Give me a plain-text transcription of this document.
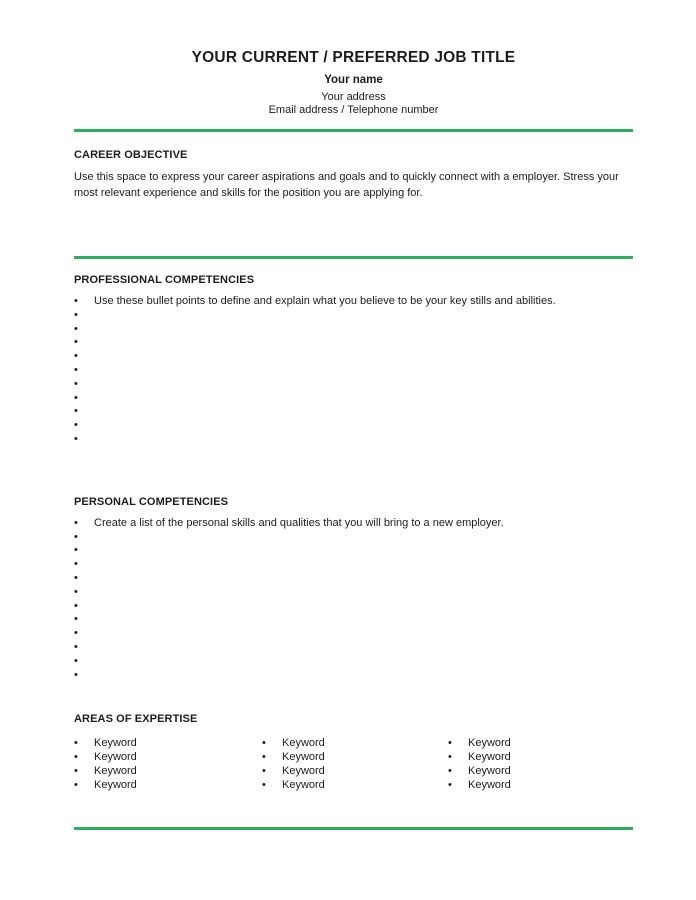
YOUR CURRENT / PREFERRED JOB TITLE
Your name
Your address
Email address / Telephone number
CAREER OBJECTIVE
Use this space to express your career aspirations and goals and to quickly connect with a employer. Stress your most relevant experience and skills for the position you are applying for.
PROFESSIONAL COMPETENCIES
•
Use these bullet points to define and explain what you believe to be your key stills and abilities.
•
•
•
•
•
•
•
•
•
•
PERSONAL COMPETENCIES
•
Create a list of the personal skills and qualities that you will bring to a new employer.
•
•
•
•
•
•
•
•
•
•
•
AREAS OF EXPERTISE
•
Keyword •	Keyword •	Keyword
•
Keyword •	Keyword •	Keyword
•
Keyword •	Keyword •	Keyword
•
Keyword •	Keyword •	Keyword
